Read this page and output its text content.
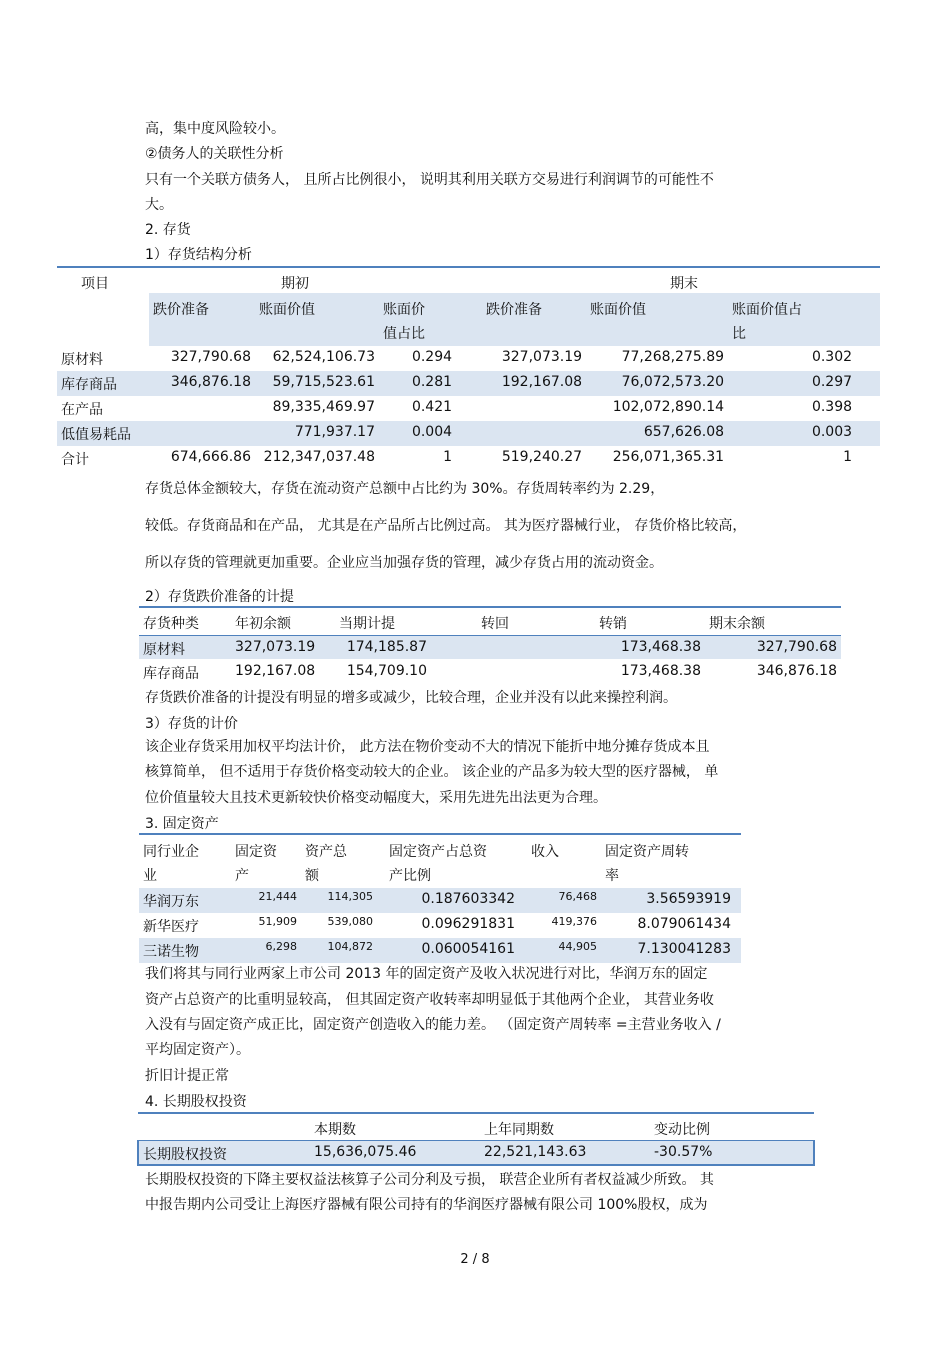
高，集中度风险较小。
②债务人的关联性分析
只有一个关联方债务人， 且所占比例很小， 说明其利用关联方交易进行利润调节的可能性不
大。
2. 存货
1）存货结构分析
项目	期初			期末		
	跌价准备	账面价值	账面价
值占比	跌价准备	账面价值	账面价值占
比
原材料	327,790.68	62,524,106.73	0.294	327,073.19	77,268,275.89	0.302
库存商品	346,876.18	59,715,523.61	0.281	192,167.08	76,072,573.20	0.297
在产品		89,335,469.97	0.421		102,072,890.14	0.398
低值易耗品		771,937.17	0.004		657,626.08	0.003
合计	674,666.86	212,347,037.48	1	519,240.27	256,071,365.31	1
存货总体金额较大，存货在流动资产总额中占比约为 30%。存货周转率约为 2.29，
较低。存货商品和在产品， 尤其是在产品所占比例过高。 其为医疗器械行业， 存货价格比较高，
所以存货的管理就更加重要。企业应当加强存货的管理，减少存货占用的流动资金。
2）存货跌价准备的计提
存货种类	年初余额	当期计提	转回	转销	期末余额
原材料	327,073.19	174,185.87		173,468.38	327,790.68
库存商品	192,167.08	154,709.10		173,468.38	346,876.18
存货跌价准备的计提没有明显的增多或减少，比较合理，企业并没有以此来操控利润。
3）存货的计价
该企业存货采用加权平均法计价， 此方法在物价变动不大的情况下能折中地分摊存货成本且
核算简单， 但不适用于存货价格变动较大的企业。 该企业的产品多为较大型的医疗器械， 单
位价值量较大且技术更新较快价格变动幅度大，采用先进先出法更为合理。
3. 固定资产
同行业企
业	固定资
产	资产总
额	固定资产占总资
产比例	收入	固定资产周转
率
华润万东	21,444	114,305	0.187603342	76,468	3.56593919
新华医疗	51,909	539,080	0.096291831	419,376	8.079061434
三诺生物	6,298	104,872	0.060054161	44,905	7.130041283
我们将其与同行业两家上市公司 2013 年的固定资产及收入状况进行对比，华润万东的固定
资产占总资产的比重明显较高， 但其固定资产收转率却明显低于其他两个企业， 其营业务收
入没有与固定资产成正比，固定资产创造收入的能力差。 （固定资产周转率 =主营业务收入 /
平均固定资产）。
折旧计提正常
4. 长期股权投资
	本期数	上年同期数	变动比例
长期股权投资	15,636,075.46	22,521,143.63	-30.57%
长期股权投资的下降主要权益法核算子公司分利及亏损， 联营企业所有者权益减少所致。 其
中报告期内公司受让上海医疗器械有限公司持有的华润医疗器械有限公司 100%股权，成为
2 / 8
